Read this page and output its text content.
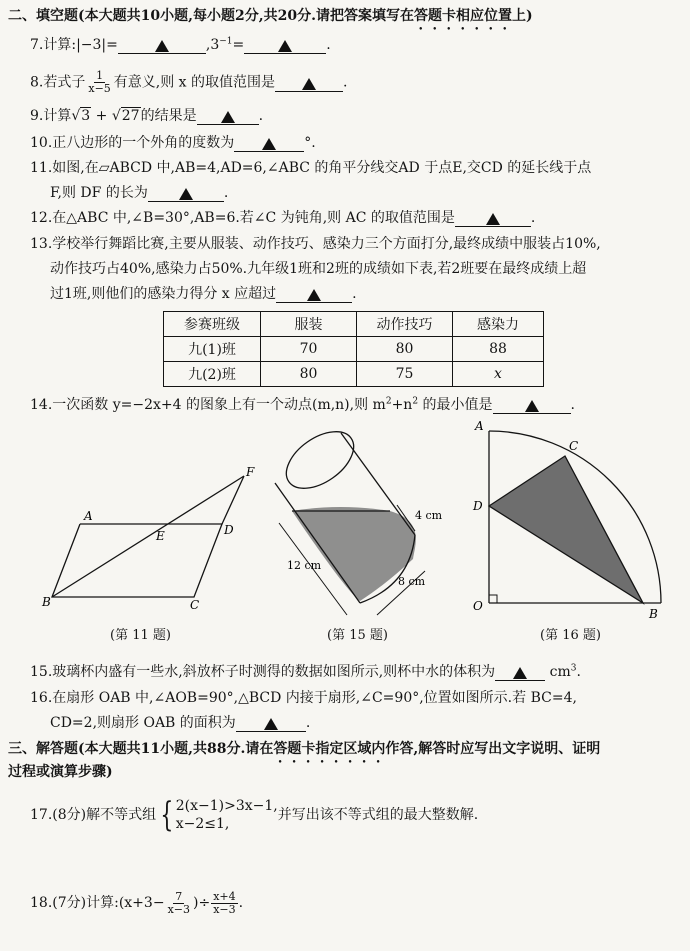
二、填空题(本大题共10小题,每小题2分,共20分.请把答案填写在答题卡相应位置上)
7.计算:|−3|=	$,3^{-1}=$	.
8.若式子 $\frac{1}{x-5}$ 有意义,则 x 的取值范围是	.
9.计算√3 + √27的结果是	.
10.正八边形的一个外角的度数为	°.
11.如图,在▱ABCD 中,AB=4,AD=6,∠ABC 的角平分线交AD 于点E,交CD 的延长线于点
F,则 DF 的长为	.
12.在△ABC 中,∠B=30°,AB=6.若∠C 为钝角,则 AC 的取值范围是	.
13.学校举行舞蹈比赛,主要从服装、动作技巧、感染力三个方面打分,最终成绩中服装占10%,
动作技巧占40%,感染力占50%.九年级1班和2班的成绩如下表,若2班要在最终成绩上超
过1班,则他们的感染力得分 x 应超过	.
参赛班级	服装	动作技巧	感染力
九(1)班	70	80	88
九(2)班	80	75	x
14.一次函数 y=−2x+4 的图象上有一个动点(m,n),则 $m^2+n^2$ 的最小值是	.
A
D
E
F
B	C
(第 11 题)
4 cm
12 cm
8 cm
(第 15 题)
A
C
D
O
B
(第 16 题)
15.玻璃杯内盛有一些水,斜放杯子时测得的数据如图所示,则杯中水的体积为	$cm^3$.
16.在扇形 OAB 中,∠AOB=90°,△BCD 内接于扇形,∠C=90°,位置如图所示.若 BC=4,
CD=2,则扇形 OAB 的面积为	.
三、解答题(本大题共11小题,共88分.请在答题卡指定区域内作答,解答时应写出文字说明、证明
过程或演算步骤)
17.(8分)解不等式组 { 2(x−1)>3x−1,
x−2≤1,
并写出该不等式组的最大整数解.
18.(7分)计算:(x+3− $\frac{7}{x-3}$ )÷ $\frac{x+4}{x-3}$ .
